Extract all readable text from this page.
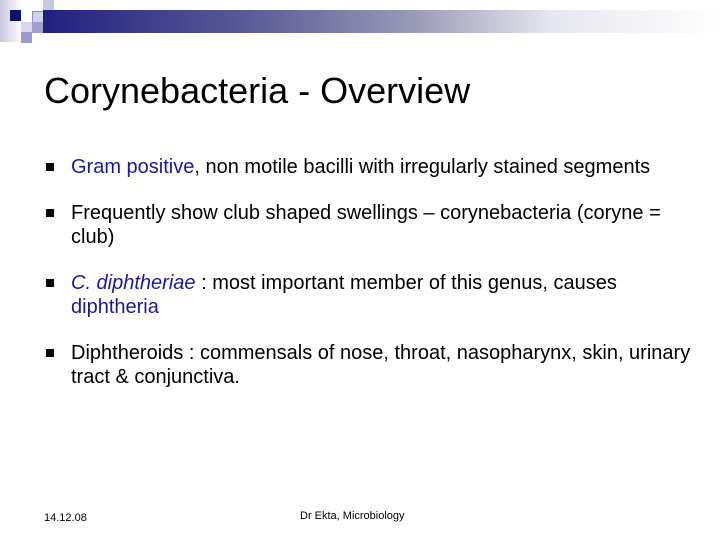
Corynebacteria - Overview
Gram positive, non motile bacilli with irregularly stained segments
Frequently show club shaped swellings – corynebacteria (coryne = club)
C. diphtheriae : most important member of this genus, causes diphtheria
Diphtheroids : commensals of nose, throat, nasopharynx, skin, urinary tract & conjunctiva.
14.12.08	Dr Ekta, Microbiology
